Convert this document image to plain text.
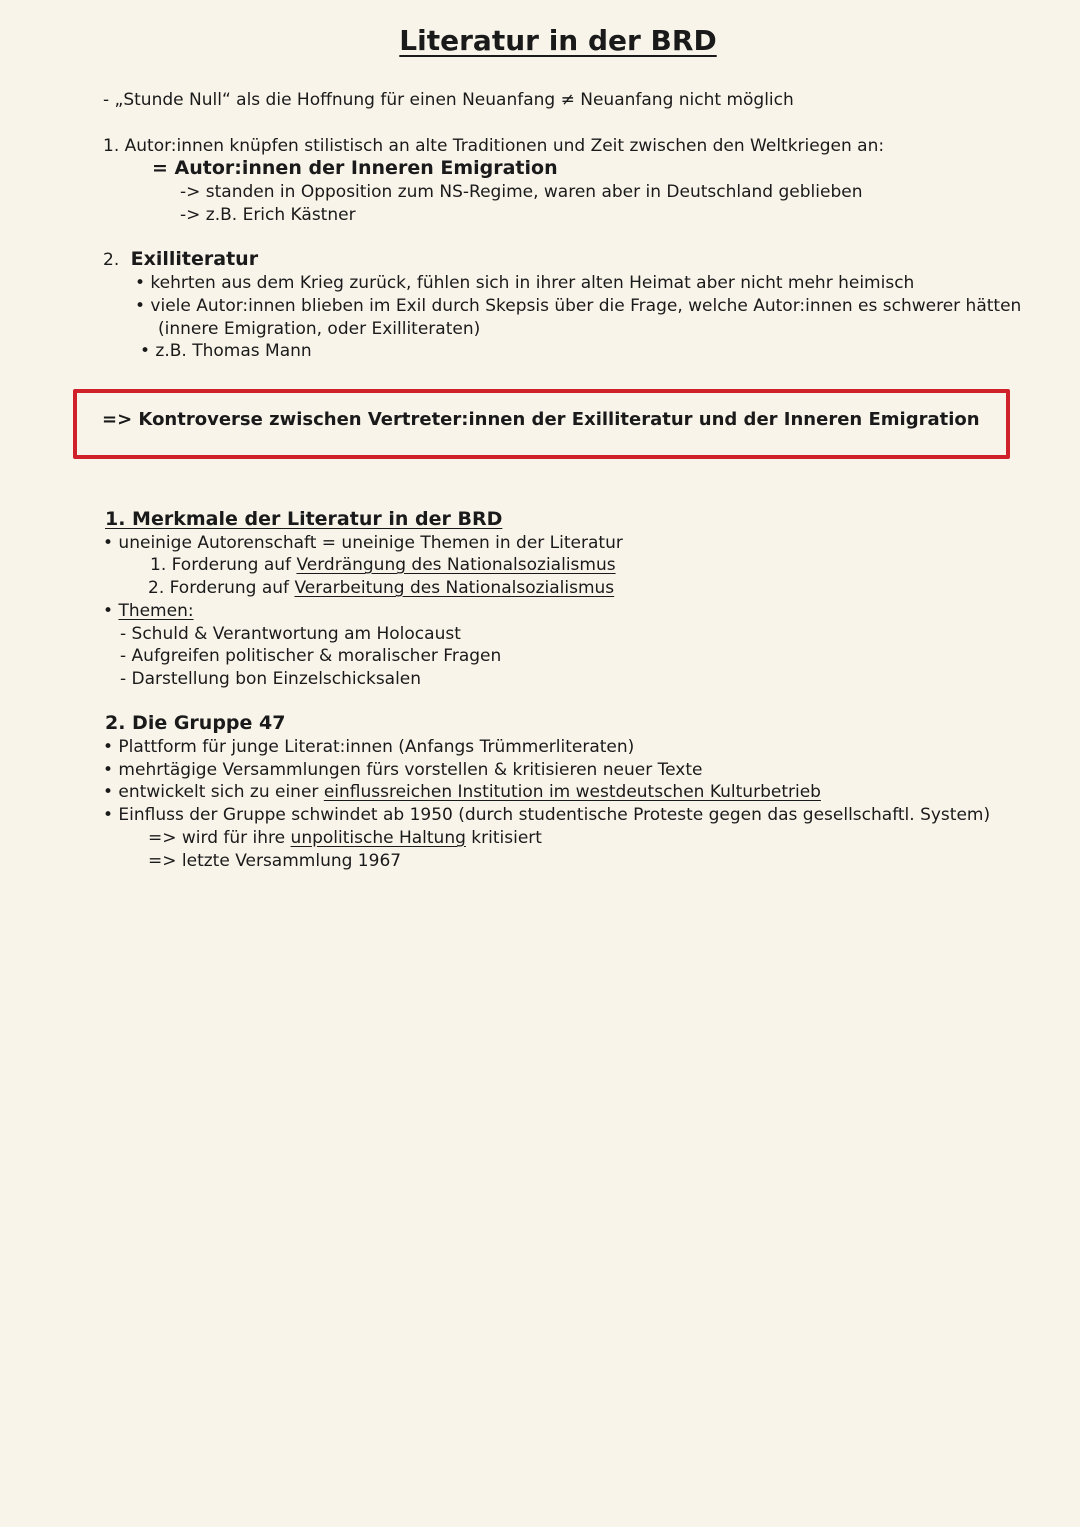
Literatur in der BRD
- „Stunde Null“ als die Hoffnung für einen Neuanfang ≠ Neuanfang nicht möglich
1. Autor:innen knüpfen stilistisch an alte Traditionen und Zeit zwischen den Weltkriegen an:
= Autor:innen der Inneren Emigration
-> standen in Opposition zum NS-Regime, waren aber in Deutschland geblieben
-> z.B. Erich Kästner
2. Exilliteratur
• kehrten aus dem Krieg zurück, fühlen sich in ihrer alten Heimat aber nicht mehr heimisch
• viele Autor:innen blieben im Exil durch Skepsis über die Frage, welche Autor:innen es schwerer hätten
(innere Emigration, oder Exilliteraten)
• z.B. Thomas Mann
=> Kontroverse zwischen Vertreter:innen der Exilliteratur und der Inneren Emigration
1. Merkmale der Literatur in der BRD
• uneinige Autorenschaft = uneinige Themen in der Literatur
1. Forderung auf Verdrängung des Nationalsozialismus
2. Forderung auf Verarbeitung des Nationalsozialismus
• Themen:
- Schuld & Verantwortung am Holocaust
- Aufgreifen politischer & moralischer Fragen
- Darstellung bon Einzelschicksalen
2. Die Gruppe 47
• Plattform für junge Literat:innen (Anfangs Trümmerliteraten)
• mehrtägige Versammlungen fürs vorstellen & kritisieren neuer Texte
• entwickelt sich zu einer einflussreichen Institution im westdeutschen Kulturbetrieb
• Einfluss der Gruppe schwindet ab 1950 (durch studentische Proteste gegen das gesellschaftl. System)
=> wird für ihre unpolitische Haltung kritisiert
=> letzte Versammlung 1967
